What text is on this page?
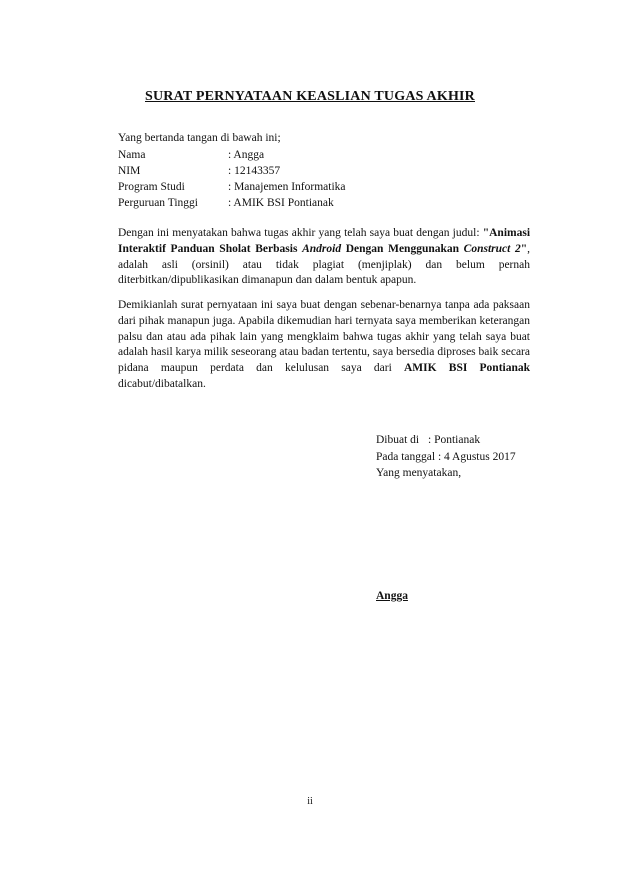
SURAT PERNYATAAN KEASLIAN TUGAS AKHIR
Yang bertanda tangan di bawah ini;
Nama	: Angga
NIM	: 12143357
Program Studi	: Manajemen Informatika
Perguruan Tinggi	: AMIK BSI Pontianak
Dengan ini menyatakan bahwa tugas akhir yang telah saya buat dengan judul: "Animasi Interaktif Panduan Sholat Berbasis Android Dengan Menggunakan Construct 2", adalah asli (orsinil) atau tidak plagiat (menjiplak) dan belum pernah diterbitkan/dipublikasikan dimanapun dan dalam bentuk apapun.
Demikianlah surat pernyataan ini saya buat dengan sebenar-benarnya tanpa ada paksaan dari pihak manapun juga. Apabila dikemudian hari ternyata saya memberikan keterangan palsu dan atau ada pihak lain yang mengklaim bahwa tugas akhir yang telah saya buat adalah hasil karya milik seseorang atau badan tertentu, saya bersedia diproses baik secara pidana maupun perdata dan kelulusan saya dari AMIK BSI Pontianak dicabut/dibatalkan.
Dibuat di : Pontianak
Pada tanggal : 4 Agustus 2017
Yang menyatakan,
Angga
ii
